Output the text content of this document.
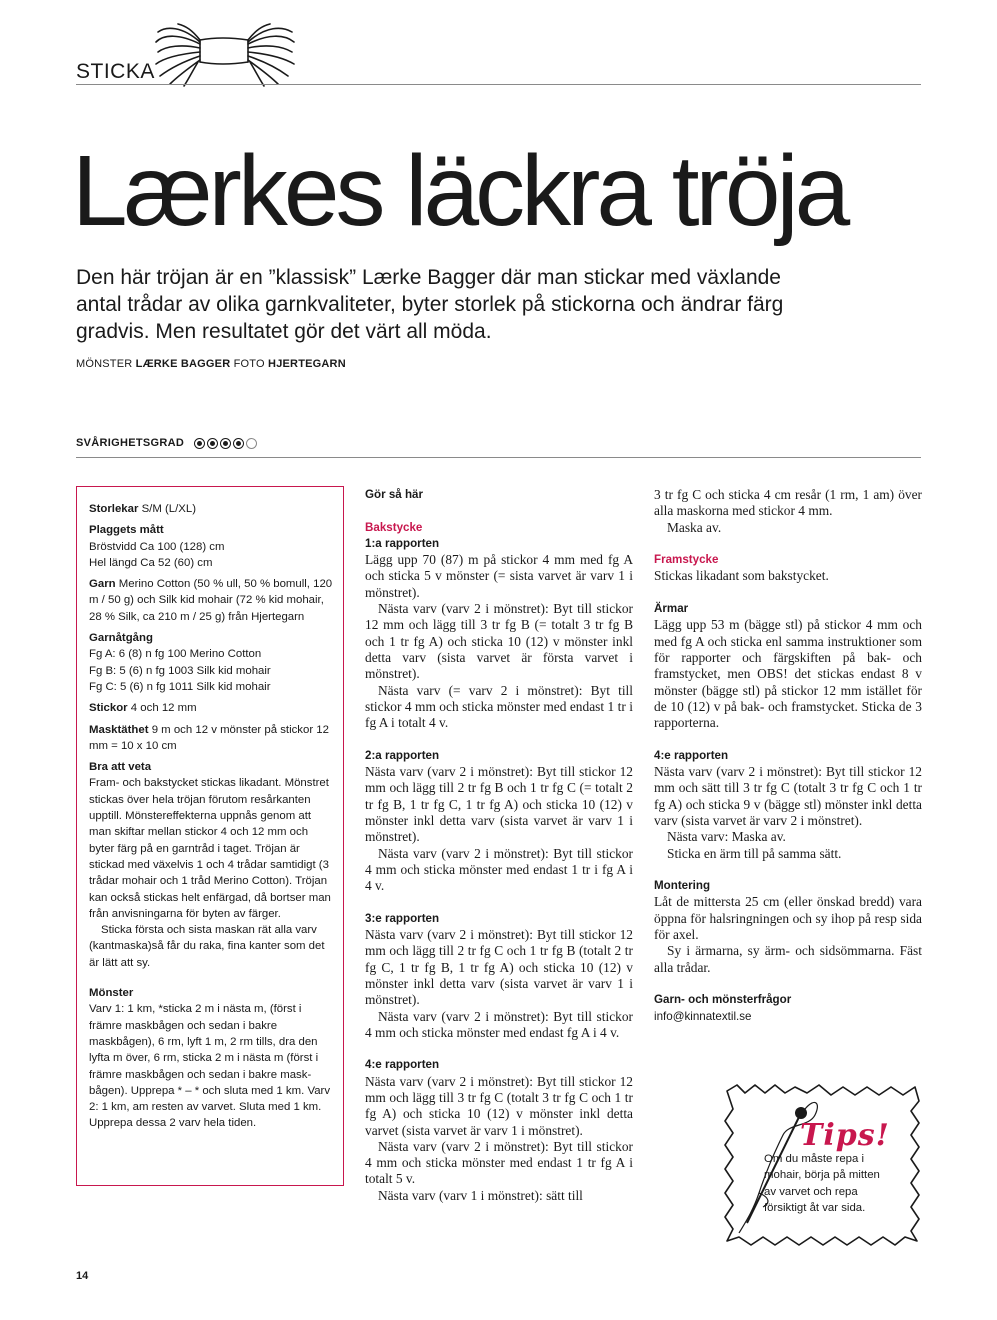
STICKA
Lærkes läckra tröja

Den här tröjan är en ”klassisk” Lærke Bagger där man stickar med växlande antal trådar av olika garnkvaliteter, byter storlek på stickorna och ändrar färg gradvis. Men resultatet gör det värt all möda.

MÖNSTER LÆRKE BAGGER FOTO HJERTEGARN
SVÅRIGHETSGRAD

Storlekar S/M (L/XL)

Plaggets mått
Bröstvidd Ca 100 (128) cm
Hel längd Ca 52 (60) cm

Garn Merino Cotton (50 % ull, 50 % bomull, 120 m / 50 g) och Silk kid mohair (72 % kid mohair, 28 % Silk, ca 210 m / 25 g) från Hjertegarn

Garnåtgång
Fg A: 6 (8) n fg 100 Merino Cotton
Fg B: 5 (6) n fg 1003 Silk kid mohair
Fg C: 5 (6) n fg 1011 Silk kid mohair

Stickor 4 och 12 mm

Masktäthet 9 m och 12 v mönster på stickor 12 mm = 10 x 10 cm

Bra att veta
Fram- och bakstycket stickas likadant. Mönstret stickas över hela tröjan förutom resårkanten upptill. Mönstereffekterna uppnås genom att man skiftar mellan stickor 4 och 12 mm och byter färg på en garntråd i taget. Tröjan är stickad med växelvis 1 och 4 trådar samtidigt (3 trådar mohair och 1 tråd Merino Cotton). Tröjan kan också stickas helt enfärgad, då bortser man från anvisningarna för byten av färger.

Sticka första och sista maskan rät alla varv (kantmaska)så får du raka, fina kanter som det är lätt att sy.

Mönster
Varv 1: 1 km, *sticka 2 m i nästa m, (först i främre maskbågen och sedan i bakre maskbågen), 6 rm, lyft 1 m, 2 rm tills, dra den lyfta m över, 6 rm, sticka 2 m i nästa m (först i främre maskbågen och sedan i bakre maskbågen). Upprepa * – * och sluta med 1 km. Varv 2: 1 km, am resten av varvet. Sluta med 1 km. Upprepa dessa 2 varv hela tiden.

Gör så här
Bakstycke
1:a rapporten

Lägg upp 70 (87) m på stickor 4 mm med fg A och sticka 5 v mönster (= sista varvet är varv 1 i mönstret).

Nästa varv (varv 2 i mönstret): Byt till stickor 12 mm och lägg till 3 tr fg B (= totalt 3 tr fg B och 1 tr fg A) och sticka 10 (12) v mönster inkl detta varv (sista varvet är första varvet i mönstret).

Nästa varv (= varv 2 i mönstret): Byt till stickor 4 mm och sticka mönster med endast 1 tr i fg A i totalt 4 v.

2:a rapporten

Nästa varv (varv 2 i mönstret): Byt till stickor 12 mm och lägg till 2 tr fg B och 1 tr fg C (= totalt 2 tr fg B, 1 tr fg C, 1 tr fg A) och sticka 10 (12) v mönster inkl detta varv (sista varvet är varv 1 i mönstret).

Nästa varv (varv 2 i mönstret): Byt till stickor 4 mm och sticka mönster med endast 1 tr i fg A i 4 v.

3:e rapporten

Nästa varv (varv 2 i mönstret): Byt till stickor 12 mm och lägg till 2 tr fg C och 1 tr fg B (totalt 2 tr fg C, 1 tr fg B, 1 tr fg A) och sticka 10 (12) v mönster inkl detta varv (sista varvet är varv 1 i mönstret).

Nästa varv (varv 2 i mönstret): Byt till stickor 4 mm och sticka mönster med endast fg A i 4 v.

4:e rapporten

Nästa varv (varv 2 i mönstret): Byt till stickor 12 mm och lägg till 3 tr fg C (totalt 3 tr fg C och 1 tr fg A) och sticka 10 (12) v mönster inkl detta varvet (sista varvet är varv 1 i mönstret).

Nästa varv (varv 2 i mönstret): Byt till stickor 4 mm och sticka mönster med endast 1 tr fg A i totalt 5 v.

Nästa varv (varv 1 i mönstret): sätt till

3 tr fg C och sticka 4 cm resår (1 rm, 1 am) över alla maskorna med stickor 4 mm.

Maska av.

Framstycke

Stickas likadant som bakstycket.

Ärmar

Lägg upp 53 m (bägge stl) på stickor 4 mm och med fg A och sticka enl samma instruktioner som för rapporter och färgskiften på bak- och framstycket, men OBS! det stickas endast 8 v mönster (bägge stl) på stickor 12 mm istället för de 10 (12) v på bak- och framstycket. Sticka de 3 rapporterna.

4:e rapporten

Nästa varv (varv 2 i mönstret): Byt till stickor 12 mm och sätt till 3 tr fg C (totalt 3 tr fg C och 1 tr fg A) och sticka 9 v (bägge stl) mönster inkl detta varv (sista varvet är varv 2 i mönstret).

Nästa varv: Maska av.

Sticka en ärm till på samma sätt.

Montering

Låt de mittersta 25 cm (eller önskad bredd) vara öppna för halsringningen och sy ihop på resp sida för axel.

Sy i ärmarna, sy ärm- och sidsömmarna. Fäst alla trådar.

Garn- och mönsterfrågor
info@kinnatextil.se
Tips!
Om du måste repa i mohair, börja på mitten av varvet och repa försiktigt åt var sida.
14
